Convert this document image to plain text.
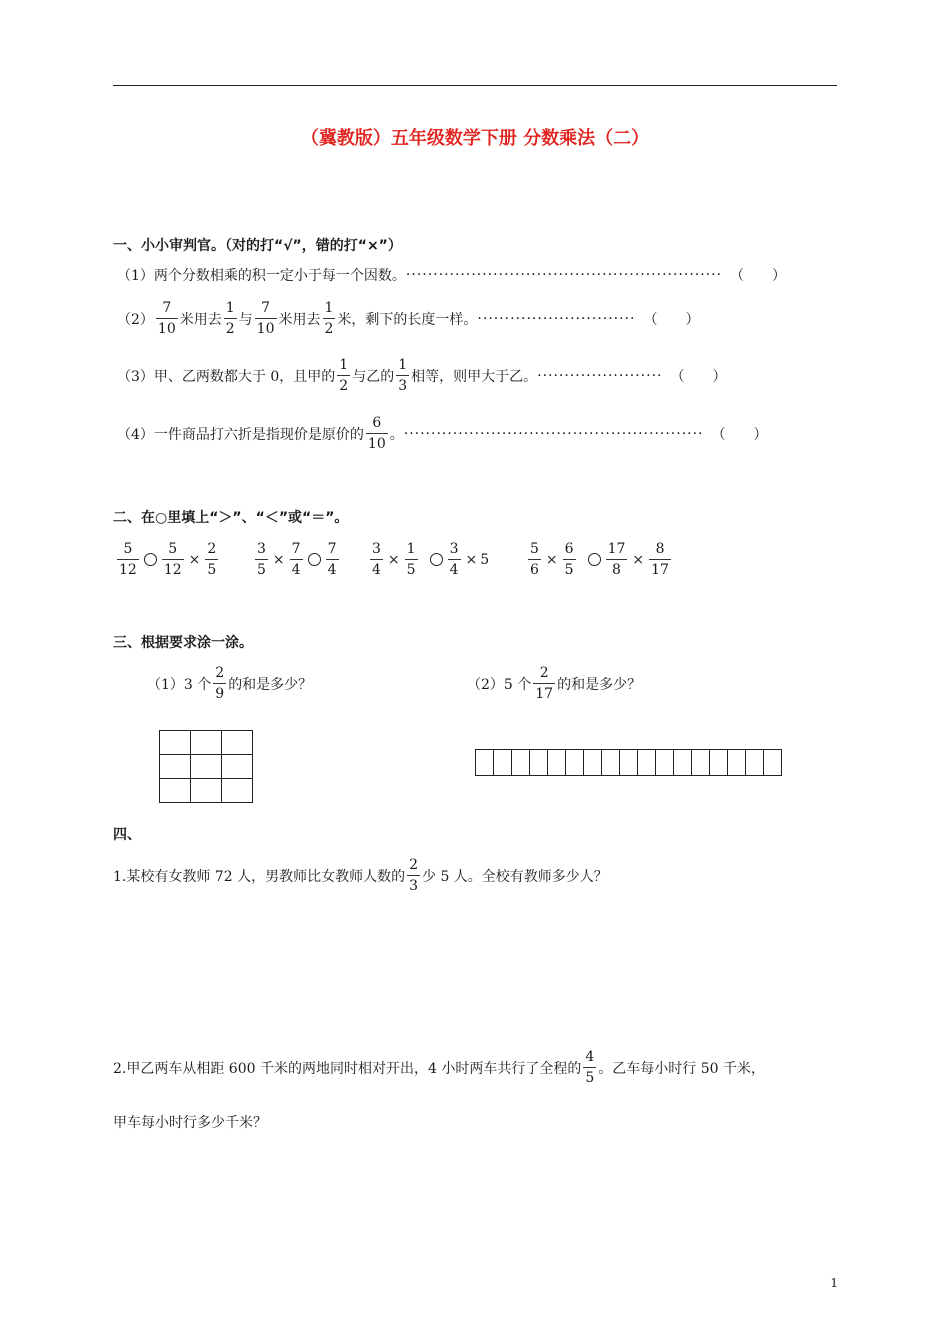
（冀教版）五年级数学下册 分数乘法（二）
一、小小审判官。（对的打“√”，错的打“×”）
（1） 两个分数相乘的积一定小于每一个因数。 ·························································· （　　）
$(2) \frac{7}{10}$ 米用去 $\frac{1}{2}$ 与 $\frac{7}{10}$ 米用去 $\frac{1}{2}$ 米，剩下的长度一样。 ····························· （　　）
（3） 甲、乙两数都大于 0，且甲的 $\frac{1}{2}$ 与乙的 $\frac{1}{3}$ 相等，则甲大于乙。 ······················· （　　）
（4） 一件商品打六折是指现价是原价的 $\frac{6}{10}$ 。 ······················································· （　　）
二、在○里填上“＞”、“＜”或“＝”。
$\frac{5}{12} \frac{5}{12} \times \frac{2}{5}$	$\frac{3}{5} \times \frac{7}{4} \frac{7}{4} \frac{3}{4} \times \frac{1}{5} \frac{3}{4} \times 5$	$\frac{5}{6} \times \frac{6}{5} \frac{17}{8} \times \frac{8}{17}$
三、根据要求涂一涂。
（1）3 个 $\frac{2}{9}$ 的和是多少？	（2）5 个 $\frac{2}{17}$ 的和是多少？

四、
1.某校有女教师 72 人，男教师比女教师人数的 $\frac{2}{3}$ 少 5 人。全校有教师多少人？
2.甲乙两车从相距 600 千米的两地同时相对开出，4 小时两车共行了全程的 $\frac{4}{5}$ 。乙车每小时行 50 千米，
甲车每小时行多少千米？
1
